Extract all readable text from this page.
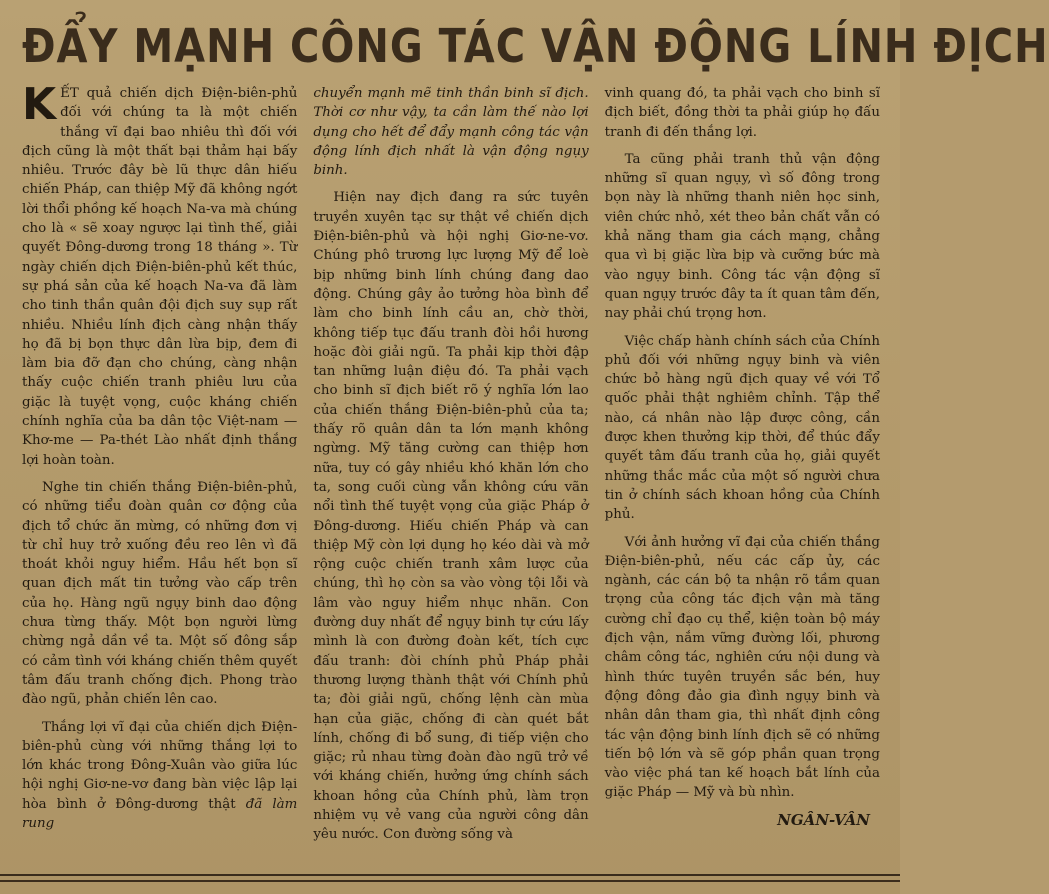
ĐẨY MẠNH CÔNG TÁC VẬN ĐỘNG LÍNH ĐỊCH

KẾT quả chiến dịch Điện-biên-phủ đối với chúng ta là một chiến thắng vĩ đại bao nhiêu thì đối với địch cũng là một thất bại thảm hại bấy nhiêu. Trước đây bè lũ thực dân hiếu chiến Pháp, can thiệp Mỹ đã không ngớt lời thổi phồng kế hoạch Na-va mà chúng cho là « sẽ xoay ngược lại tình thế, giải quyết Đông-dương trong 18 tháng ». Từ ngày chiến dịch Điện-biên-phủ kết thúc, sự phá sản của kế hoạch Na-va đã làm cho tinh thần quân đội địch suy sụp rất nhiều. Nhiều lính địch càng nhận thấy họ đã bị bọn thực dân lừa bịp, đem đi làm bia đỡ đạn cho chúng, càng nhận thấy cuộc chiến tranh phiêu lưu của giặc là tuyệt vọng, cuộc kháng chiến chính nghĩa của ba dân tộc Việt-nam — Khơ-me — Pa-thét Lào nhất định thắng lợi hoàn toàn.

Nghe tin chiến thắng Điện-biên-phủ, có những tiểu đoàn quân cơ động của địch tổ chức ăn mừng, có những đơn vị từ chỉ huy trở xuống đều reo lên vì đã thoát khỏi nguy hiểm. Hầu hết bọn sĩ quan địch mất tin tưởng vào cấp trên của họ. Hàng ngũ ngụy binh dao động chưa từng thấy. Một bọn người lừng chừng ngả dần về ta. Một số đông sắp có cảm tình với kháng chiến thêm quyết tâm đấu tranh chống địch. Phong trào đào ngũ, phản chiến lên cao.

Thắng lợi vĩ đại của chiến dịch Điện-biên-phủ cùng với những thắng lợi to lớn khác trong Đông-Xuân vào giữa lúc hội nghị Giơ-ne-vơ đang bàn việc lập lại hòa bình ở Đông-dương thật đã làm rung

chuyển mạnh mẽ tinh thần binh sĩ địch. Thời cơ như vậy, ta cần làm thế nào lợi dụng cho hết để đẩy mạnh công tác vận động lính địch nhất là vận động ngụy binh.

Hiện nay địch đang ra sức tuyên truyền xuyên tạc sự thật về chiến dịch Điện-biên-phủ và hội nghị Giơ-ne-vơ. Chúng phô trương lực lượng Mỹ để loè bịp những binh lính chúng đang dao động. Chúng gây ảo tưởng hòa bình để làm cho binh lính cầu an, chờ thời, không tiếp tục đấu tranh đòi hồi hương hoặc đòi giải ngũ. Ta phải kịp thời đập tan những luận điệu đó. Ta phải vạch cho binh sĩ địch biết rõ ý nghĩa lớn lao của chiến thắng Điện-biên-phủ của ta; thấy rõ quân dân ta lớn mạnh không ngừng. Mỹ tăng cường can thiệp hơn nữa, tuy có gây nhiều khó khăn lớn cho ta, song cuối cùng vẫn không cứu vãn nổi tình thế tuyệt vọng của giặc Pháp ở Đông-dương. Hiếu chiến Pháp và can thiệp Mỹ còn lợi dụng họ kéo dài và mở rộng cuộc chiến tranh xâm lược của chúng, thì họ còn sa vào vòng tội lỗi và lâm vào nguy hiểm nhục nhãn. Con đường duy nhất để ngụy binh tự cứu lấy mình là con đường đoàn kết, tích cực đấu tranh: đòi chính phủ Pháp phải thương lượng thành thật với Chính phủ ta; đòi giải ngũ, chống lệnh càn mùa hạn của giặc, chống đi càn quét bắt lính, chống đi bổ sung, đi tiếp viện cho giặc; rủ nhau từng đoàn đào ngũ trở về với kháng chiến, hưởng ứng chính sách khoan hồng của Chính phủ, làm trọn nhiệm vụ vẻ vang của người công dân yêu nước. Con đường sống và

vinh quang đó, ta phải vạch cho binh sĩ địch biết, đồng thời ta phải giúp họ đấu tranh đi đến thắng lợi.

Ta cũng phải tranh thủ vận động những sĩ quan ngụy, vì số đông trong bọn này là những thanh niên học sinh, viên chức nhỏ, xét theo bản chất vẫn có khả năng tham gia cách mạng, chẳng qua vì bị giặc lừa bịp và cưỡng bức mà vào ngụy binh. Công tác vận động sĩ quan ngụy trước đây ta ít quan tâm đến, nay phải chú trọng hơn.

Việc chấp hành chính sách của Chính phủ đối với những ngụy binh và viên chức bỏ hàng ngũ địch quay về với Tổ quốc phải thật nghiêm chỉnh. Tập thể nào, cá nhân nào lập được công, cần được khen thưởng kịp thời, để thúc đẩy quyết tâm đấu tranh của họ, giải quyết những thắc mắc của một số người chưa tin ở chính sách khoan hồng của Chính phủ.

Với ảnh hưởng vĩ đại của chiến thắng Điện-biên-phủ, nếu các cấp ủy, các ngành, các cán bộ ta nhận rõ tầm quan trọng của công tác địch vận mà tăng cường chỉ đạo cụ thể, kiện toàn bộ máy địch vận, nắm vững đường lối, phương châm công tác, nghiên cứu nội dung và hình thức tuyên truyền sắc bén, huy động đông đảo gia đình ngụy binh và nhân dân tham gia, thì nhất định công tác vận động binh lính địch sẽ có những tiến bộ lớn và sẽ góp phần quan trọng vào việc phá tan kế hoạch bắt lính của giặc Pháp — Mỹ và bù nhìn.

NGÂN-VÂN
